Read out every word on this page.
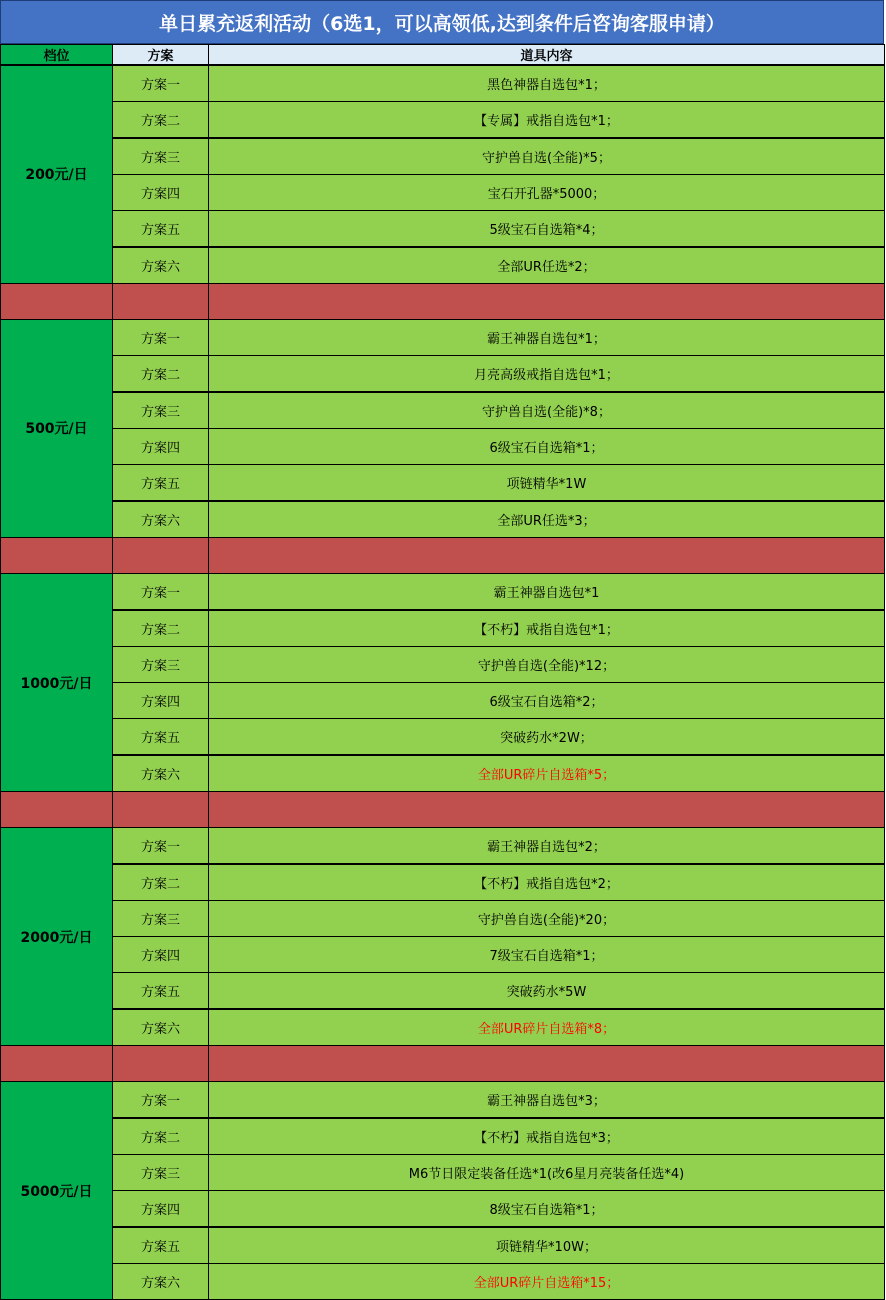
单日累充返利活动（6选1，可以高领低,达到条件后咨询客服申请）
档位	方案	道具内容
200元/日
方案一	黑色神器自选包*1；
方案二	【专属】戒指自选包*1；
方案三	守护兽自选(全能)*5；
方案四	宝石开孔器*5000；
方案五	5级宝石自选箱*4；
方案六	全部UR任选*2；
500元/日
方案一	霸王神器自选包*1；
方案二	月亮高级戒指自选包*1；
方案三	守护兽自选(全能)*8；
方案四	6级宝石自选箱*1；
方案五	项链精华*1W
方案六	全部UR任选*3；
1000元/日
方案一	霸王神器自选包*1
方案二	【不朽】戒指自选包*1；
方案三	守护兽自选(全能)*12；
方案四	6级宝石自选箱*2；
方案五	突破药水*2W；
方案六	全部UR碎片自选箱*5；
2000元/日
方案一	霸王神器自选包*2；
方案二	【不朽】戒指自选包*2；
方案三	守护兽自选(全能)*20；
方案四	7级宝石自选箱*1；
方案五	突破药水*5W
方案六	全部UR碎片自选箱*8；
5000元/日
方案一	霸王神器自选包*3；
方案二	【不朽】戒指自选包*3；
方案三	M6节日限定装备任选*1(改6星月亮装备任选*4)
方案四	8级宝石自选箱*1；
方案五	项链精华*10W；
方案六	全部UR碎片自选箱*15；
